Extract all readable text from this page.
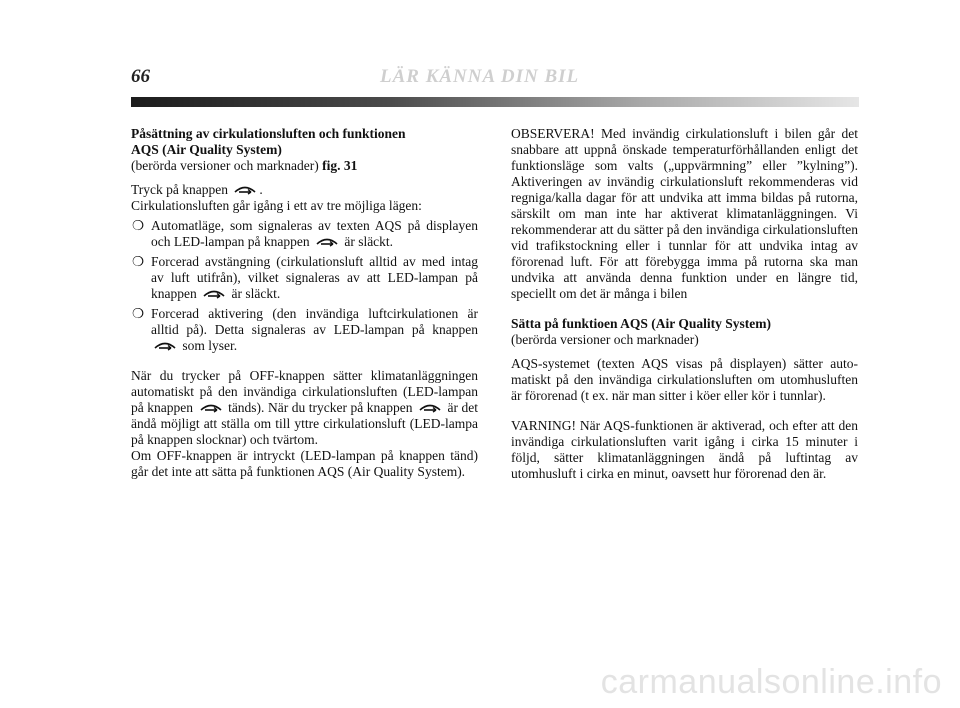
66	LÄR KÄNNA DIN BIL

Påsättning av cirkulationsluften och funktionen
AQS (Air Quality System)

(berörda versioner och marknader) fig. 31

Tryck på knappen .

Cirkulationsluften går igång i ett av tre möjliga lägen:

❍ Automatläge, som signaleras av texten AQS på displayen och LED-lampan på knappen	är släckt.

❍ Forcerad avstängning (cirkulationsluft alltid av med intag av luft utifrån), vilket signaleras av att LED-lampan på knappen	är släckt.

❍ Forcerad aktivering (den invändiga luftcirkulationen är alltid på). Detta signaleras av LED-lampan på knappen  som lyser.

När du trycker på OFF-knappen sätter klimatanläggningen automatiskt på den invändiga cirkulationsluften (LED-lampan på knappen	tänds). När du trycker på knappen	är det ändå möjligt att ställa om till yttre cirkulationsluft (LED-lampa på knappen slocknar) och tvärtom.

Om OFF-knappen är intryckt (LED-lampan på knappen tänd) går det inte att sätta på funktionen AQS (Air Quality System).

OBSERVERA! Med invändig cirkulationsluft i bilen går det snabbare att uppnå önskade temperaturförhållanden enligt det funktionsläge som valts („uppvärmning” eller ”kylning”). Aktiveringen av invändig cirkulationsluft rekommenderas vid regniga/kalla dagar för att undvika att imma bildas på rutorna, särskilt om man inte har aktiverat klimatanläggningen. Vi rekommenderar att du sätter på den invändiga cirkulationsluften vid trafikstockning eller i tunnlar för att undvika intag av förorenad luft. För att förebygga imma på rutorna ska man undvika att använda denna funktion under en längre tid, speciellt om det är många i bilen

Sätta på funktioen AQS (Air Quality System)

(berörda versioner och marknader)

AQS-systemet (texten AQS visas på displayen) sätter automatiskt på den invändiga cirkulationsluften om utomhusluften är förorenad (t ex. när man sitter i köer eller kör i tunnlar).

VARNING! När AQS-funktionen är aktiverad, och efter att den invändiga cirkulationsluften varit igång i cirka 15 minuter i följd, sätter klimatanläggningen ändå på luftintag av utomhusluft i cirka en minut, oavsett hur förorenad den är.

carmanualsonline.info
